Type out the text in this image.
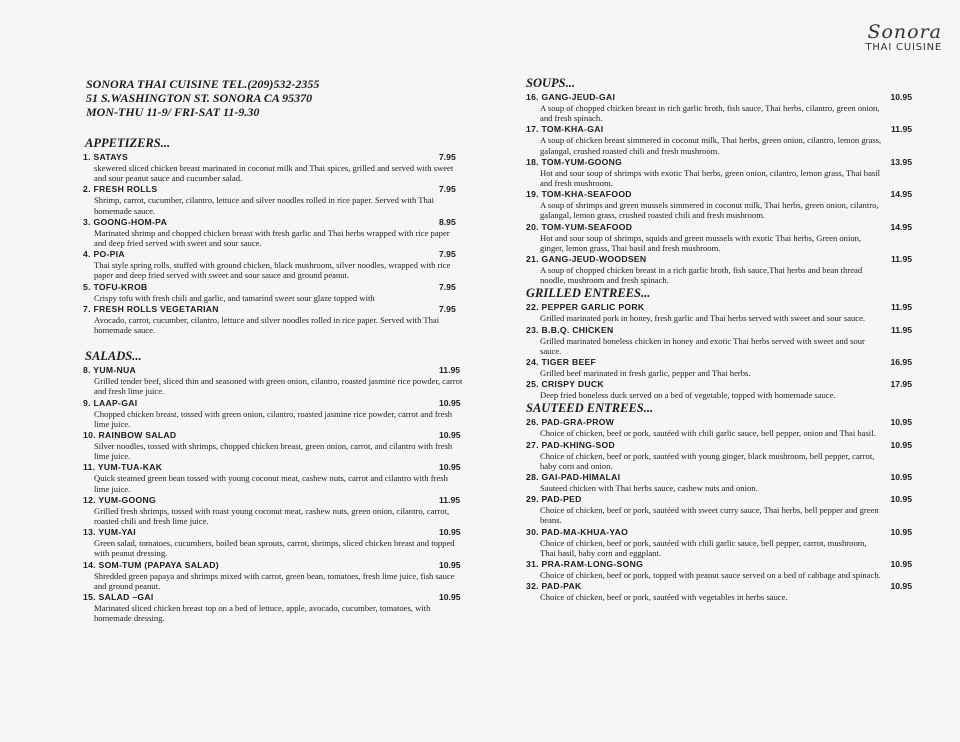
Sonora
THAI CUISINE
SONORA THAI CUISINE TEL.(209)532-2355
51 S.WASHINGTON ST. SONORA CA 95370
MON-THU 11-9/ FRI-SAT 11-9.30
APPETIZERS...
1. SATAYS	7.95
skewered sliced chicken breast marinated in coconut milk and Thai spices, grilled and served with sweet and sour peanut sauce and cucumber salad.
2. FRESH ROLLS	7.95
Shrimp, carrot, cucumber, cilantro, lettuce and silver noodles rolled in rice paper. Served with Thai homemade sauce.
3. GOONG-HOM-PA	8.95
Marinated shrimp and chopped chicken breast with fresh garlic and Thai herbs wrapped with rice paper and deep fried served with sweet and sour sauce.
4. PO-PIA	7.95
Thai style spring rolls, stuffed with ground chicken, black mushroom, silver noodles, wrapped with rice paper and deep fried served with sweet and sour sauce and ground peanut.
5. TOFU-KROB	7.95
Crispy tofu with fresh chili and garlic, and tamarind sweet sour glaze topped with
7. FRESH ROLLS VEGETARIAN	7.95
Avocado, carrot, cucumber, cilantro, lettuce and silver noodles rolled in rice paper. Served with Thai homemade sauce.
SALADS...
8. YUM-NUA	11.95
Grilled tender beef, sliced thin and seasoned with green onion, cilantro, roasted jasmine rice powder, carrot and fresh lime juice.
9. LAAP-GAI	10.95
Chopped chicken breast, tossed with green onion, cilantro, roasted jasmine rice powder, carrot and fresh lime juice.
10. RAINBOW SALAD	10.95
Silver noodles, tossed with shrimps, chopped chicken breast, green onion, carrot, and cilantro with fresh lime juice.
11. YUM-TUA-KAK	10.95
Quick steamed green bean tossed with young coconut meat, cashew nuts, carrot and cilantro with fresh lime juice.
12. YUM-GOONG	11.95
Grilled fresh shrimps, tossed with roast young coconut meat, cashew nuts, green onion, cilantro, carrot, roasted chili and fresh lime juice.
13. YUM-YAI	10.95
Green salad, tomatoes, cucumbers, boiled bean sprouts, carrot, shrimps, sliced chicken breast and topped with peanut dressing.
14. SOM-TUM (PAPAYA SALAD)	10.95
Shredded green papaya and shrimps mixed with carrot, green bean, tomatoes, fresh lime juice, fish sauce and ground peanut.
15. SALAD –GAI	10.95
Marinated sliced chicken breast top on a bed of lettuce, apple, avocado, cucumber, tomatoes, with homemade dressing.
SOUPS...
16. GANG-JEUD-GAI	10.95
A soup of chopped chicken breast in rich garlic broth, fish sauce, Thai herbs, cilantro, green onion, and fresh spinach.
17. TOM-KHA-GAI	11.95
A soup of chicken breast simmered in coconut milk, Thai herbs, green onion, cilantro, lemon grass, galangal, crushed roasted chili and fresh mushroom.
18. TOM-YUM-GOONG	13.95
Hot and sour soup of shrimps with exotic Thai herbs, green onion, cilantro, lemon grass, Thai basil and fresh mushroom.
19. TOM-KHA-SEAFOOD	14.95
A soup of shrimps and green mussels simmered in coconut milk, Thai herbs, green onion, cilantro, galangal, lemon grass, crushed roasted chili and fresh mushroom.
20. TOM-YUM-SEAFOOD	14.95
Hot and sour soup of shrimps, squids and green mussels with exotic Thai herbs, Green onion, ginger, lemon grass, Thai basil and fresh mushroom.
21. GANG-JEUD-WOODSEN	11.95
A soup of chopped chicken breast in a rich garlic broth, fish sauce,Thai herbs and bean thread noodle, mushroom and fresh spinach.
GRILLED ENTREES...
22. PEPPER GARLIC PORK	11.95
Grilled marinated pork in honey, fresh garlic and Thai herbs served with sweet and sour sauce.
23. B.B.Q. CHICKEN	11.95
Grilled marinated boneless chicken in honey and exotic Thai herbs served with sweet and sour sauce.
24. TIGER BEEF	16.95
Grilled beef marinated in fresh garlic, pepper and Thai herbs.
25. CRISPY DUCK	17.95
Deep fried boneless duck served on a bed of vegetable, topped with homemade sauce.
SAUTEED ENTREES...
26. PAD-GRA-PROW	10.95
Choice of chicken, beef or pork, sautéed with chili garlic sauce, bell pepper, onion and Thai basil.
27. PAD-KHING-SOD	10.95
Choice of chicken, beef or pork, sautéed with young ginger, black mushroom, bell pepper, carrot, baby corn and onion.
28. GAI-PAD-HIMALAI	10.95
Sauteed chicken with Thai herbs sauce, cashew nuts and onion.
29. PAD-PED	10.95
Choice of chicken, beef or pork, sautéed with sweet curry sauce, Thai herbs, bell pepper and green beans.
30. PAD-MA-KHUA-YAO	10.95
Choice of chicken, beef or pork, sautéed with chili garlic sauce, bell pepper, carrot, mushroom, Thai basil, baby corn and eggplant.
31. PRA-RAM-LONG-SONG	10.95
Choice of chicken, beef or pork, topped with peanut sauce served on a bed of cabbage and spinach.
32. PAD-PAK	10.95
Choice of chicken, beef or pork, sautéed with vegetables in herbs sauce.
